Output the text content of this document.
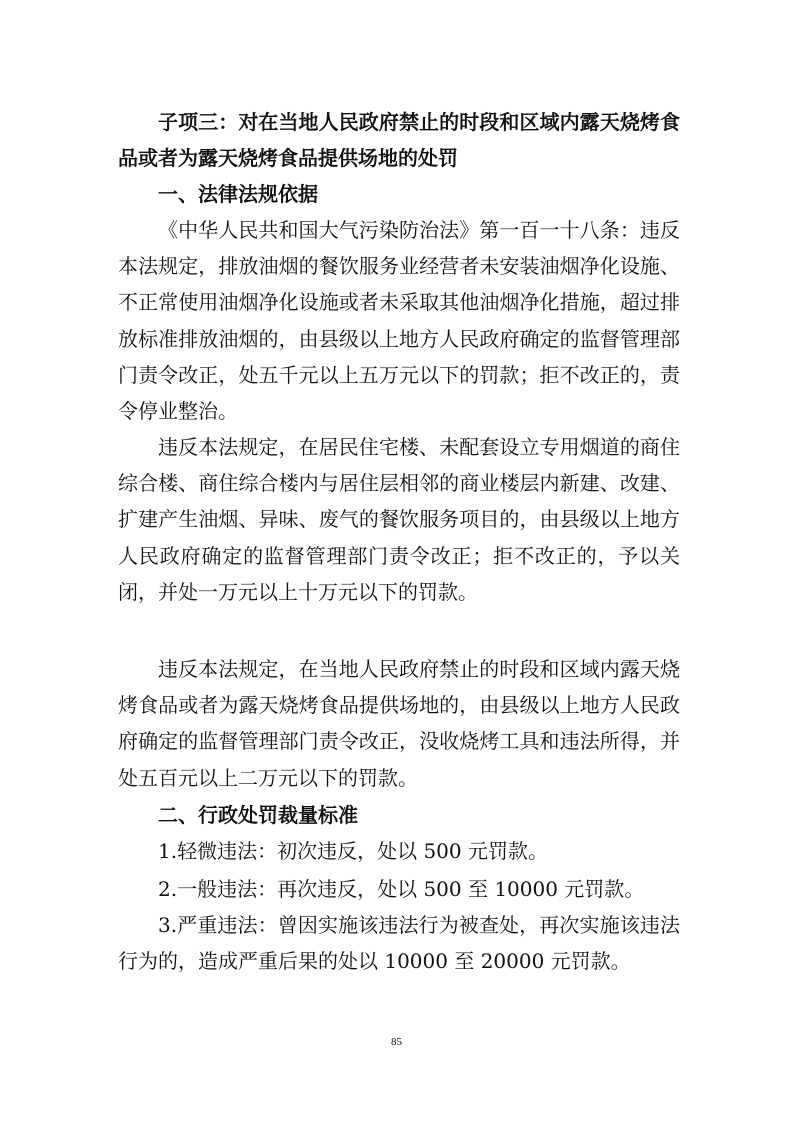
子项三：对在当地人民政府禁止的时段和区域内露天烧烤食品或者为露天烧烤食品提供场地的处罚
一、法律法规依据
《中华人民共和国大气污染防治法》第一百一十八条：违反本法规定，排放油烟的餐饮服务业经营者未安装油烟净化设施、不正常使用油烟净化设施或者未采取其他油烟净化措施，超过排放标准排放油烟的，由县级以上地方人民政府确定的监督管理部门责令改正，处五千元以上五万元以下的罚款；拒不改正的，责令停业整治。
违反本法规定，在居民住宅楼、未配套设立专用烟道的商住综合楼、商住综合楼内与居住层相邻的商业楼层内新建、改建、扩建产生油烟、异味、废气的餐饮服务项目的，由县级以上地方人民政府确定的监督管理部门责令改正；拒不改正的，予以关闭，并处一万元以上十万元以下的罚款。
违反本法规定，在当地人民政府禁止的时段和区域内露天烧烤食品或者为露天烧烤食品提供场地的，由县级以上地方人民政府确定的监督管理部门责令改正，没收烧烤工具和违法所得，并处五百元以上二万元以下的罚款。
二、行政处罚裁量标准
1.轻微违法：初次违反，处以 500 元罚款。
2.一般违法：再次违反，处以 500 至 10000 元罚款。
3.严重违法：曾因实施该违法行为被查处，再次实施该违法行为的，造成严重后果的处以 10000 至 20000 元罚款。
85
